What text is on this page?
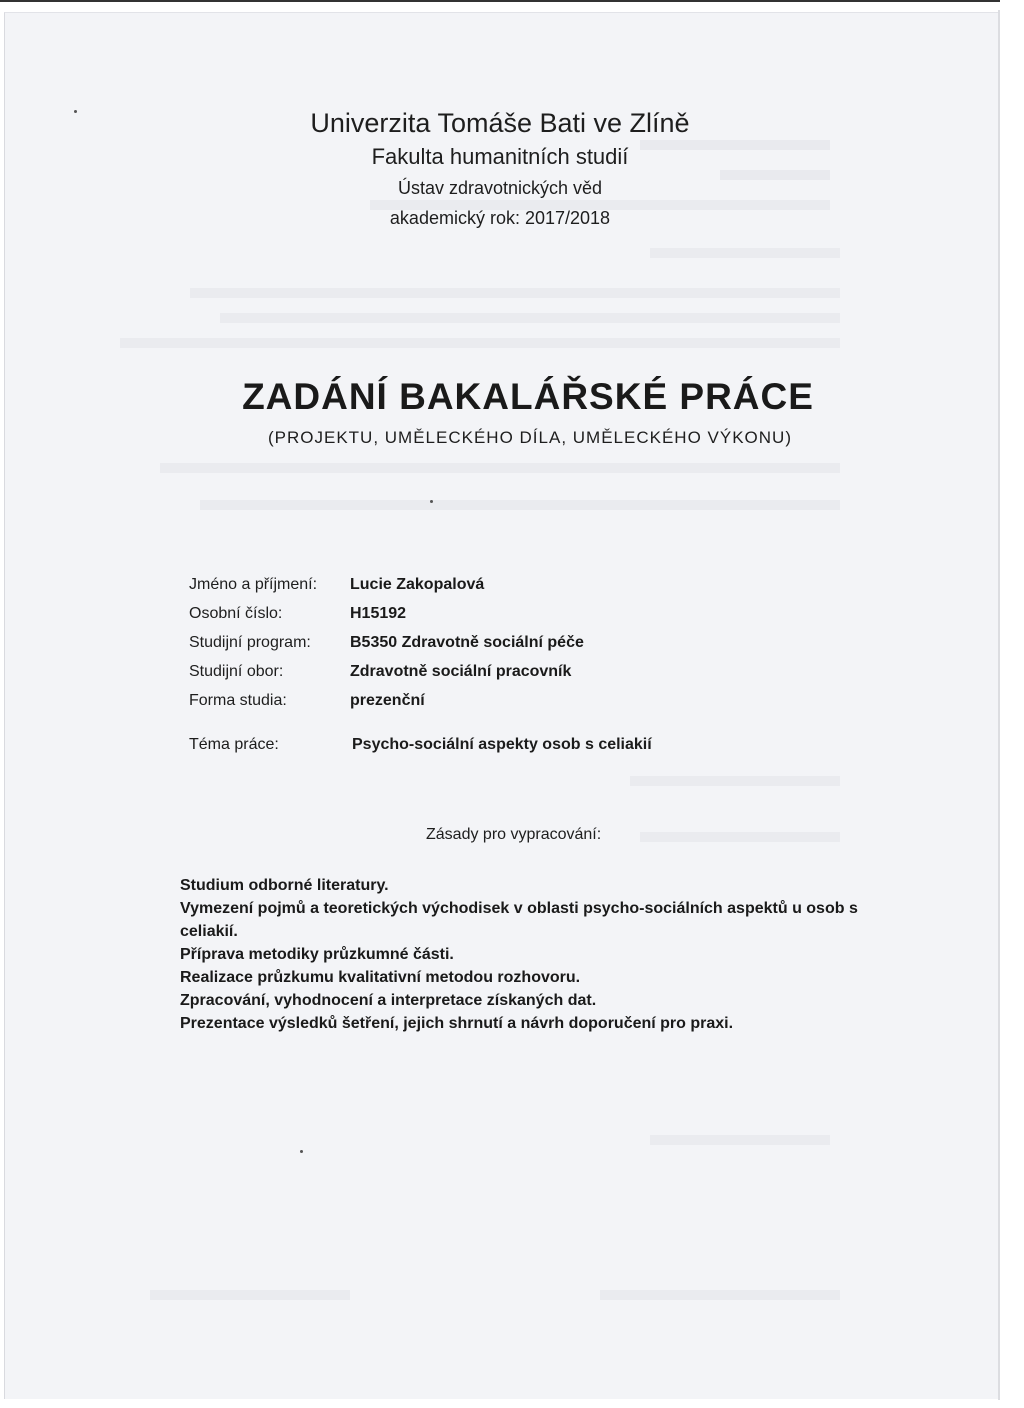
Univerzita Tomáše Bati ve Zlíně
Fakulta humanitních studií
Ústav zdravotnických věd
akademický rok: 2017/2018
ZADÁNÍ BAKALÁŘSKÉ PRÁCE
(PROJEKTU, UMĚLECKÉHO DÍLA, UMĚLECKÉHO VÝKONU)
Jméno a příjmení:	Lucie Zakopalová
Osobní číslo:	H15192
Studijní program:	B5350 Zdravotně sociální péče
Studijní obor:	Zdravotně sociální pracovník
Forma studia:	prezenční
Téma práce:	Psycho-sociální aspekty osob s celiakií
Zásady pro vypracování:
Studium odborné literatury.
Vymezení pojmů a teoretických východisek v oblasti psycho-sociálních aspektů u osob s celiakií.
Příprava metodiky průzkumné části.
Realizace průzkumu kvalitativní metodou rozhovoru.
Zpracování, vyhodnocení a interpretace získaných dat.
Prezentace výsledků šetření, jejich shrnutí a návrh doporučení pro praxi.
